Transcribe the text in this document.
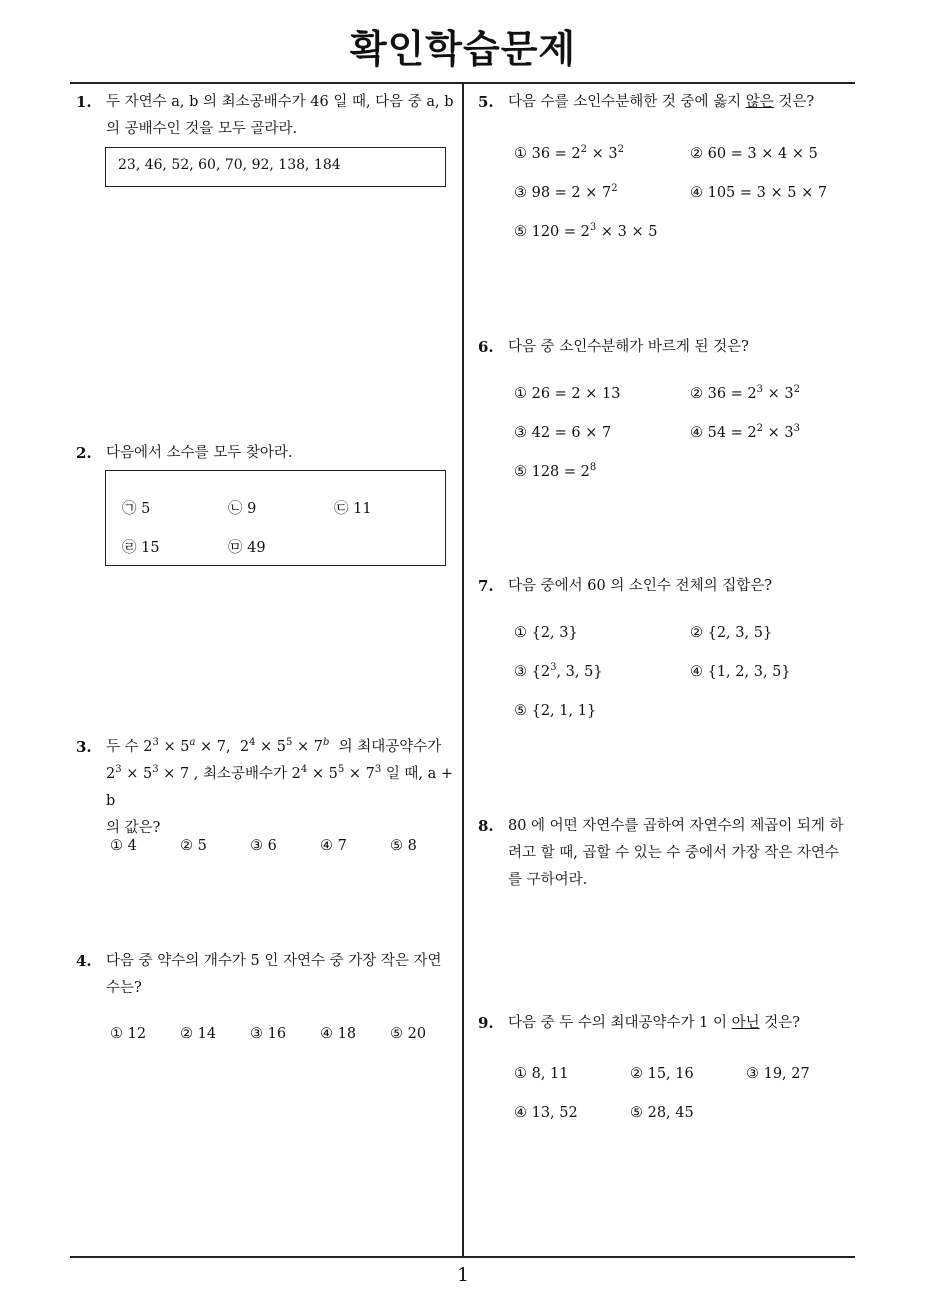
확인학습문제
1
1. 두 자연수 a, b 의 최소공배수가 46 일 때, 다음 중 a, b
의 공배수인 것을 모두 골라라.
23, 46, 52, 60, 70, 92, 138, 184
2. 다음에서 소수를 모두 찾아라.
㉠ 5	㉡ 9	㉢ 11
㉣ 15	㉤ 49
3. 두 수 $2^3 \times 5^a \times 7$,  $2^4 \times 5^5 \times 7^b$ 의 최대공약수가
$2^3 \times 5^3 \times 7$ , 최소공배수가 $2^4 \times 5^5 \times 7^3$ 일 때, a + b
의 값은?
① 4	② 5	③ 6	④ 7	⑤ 8
4. 다음 중 약수의 개수가 5 인 자연수 중 가장 작은 자연
수는?
① 12 ② 14 ③ 16 ④ 18 ⑤ 20
5. 다음 수를 소인수분해한 것 중에 옳지 않은 것은?
① $36 = 2^2 \times 3^2$	② 60 = 3 × 4 × 5
③ $98 = 2 \times 7^2$	④ 105 = 3 × 5 × 7
⑤ $120 = 2^3 \times 3 \times 5$
6. 다음 중 소인수분해가 바르게 된 것은?
① 26 = 2 × 13	② $36 = 2^3 \times 3^2$
③ 42 = 6 × 7	④ $54 = 2^2 \times 3^3$
⑤ $128 = 2^8$
7. 다음 중에서 60 의 소인수 전체의 집합은?
① {2, 3}	② {2, 3, 5}
③ {$2^3$, 3, 5}	④ {1, 2, 3, 5}
⑤ {2, 1, 1}
8. 80 에 어떤 자연수를 곱하여 자연수의 제곱이 되게 하
려고 할 때, 곱할 수 있는 수 중에서 가장 작은 자연수
를 구하여라.
9. 다음 중 두 수의 최대공약수가 1 이 아닌 것은?
① 8, 11	② 15, 16	③ 19, 27
④ 13, 52	⑤ 28, 45
